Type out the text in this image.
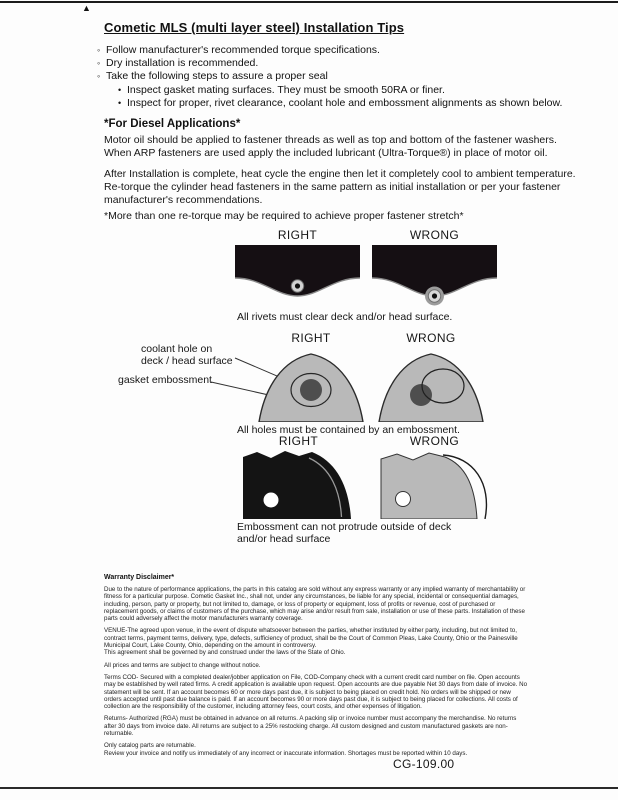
▲
Cometic MLS (multi layer steel) Installation Tips
◦ Follow manufacturer's recommended torque specifications.
◦ Dry installation is recommended.
◦ Take the following steps to assure a proper seal
• Inspect gasket mating surfaces. They must be smooth 50RA or finer.
• Inspect for proper, rivet clearance, coolant hole and embossment alignments as shown below.
*For Diesel Applications*
Motor oil should be applied to fastener threads as well as top and bottom of the fastener washers. When ARP fasteners are used apply the included lubricant (Ultra-Torque®) in place of motor oil.
After Installation is complete, heat cycle the engine then let it completely cool to ambient temperature. Re-torque the cylinder head fasteners in the same pattern as initial installation or per your fastener manufacturer's recommendations.
*More than one re-torque may be required to achieve proper fastener stretch*
RIGHT	WRONG
All rivets must clear deck and/or head surface.
RIGHT	WRONG
coolant hole on
deck / head surface
gasket embossment
All holes must be contained by an embossment.
RIGHT	WRONG
Embossment can not protrude outside of deck
and/or head surface
Warranty Disclaimer*
Due to the nature of performance applications, the parts in this catalog are sold without any express warranty or any implied warranty of merchantability or fitness for a particular purpose. Cometic Gasket Inc., shall not, under any circumstances, be liable for any special, incidental or consequential damages, including, person, party or property, but not limited to, damage, or loss of property or equipment, loss of profits or revenue, cost of purchased or replacement goods, or claims of customers of the purchase, which may arise and/or result from sale, installation or use of these parts. Installation of these parts could adversely affect the motor manufacturers warranty coverage.
VENUE-The agreed upon venue, in the event of dispute whatsoever between the parties, whether instituted by either party, including, but not limited to, contract terms, payment terms, delivery, type, defects, sufficiency of product, shall be the Court of Common Pleas, Lake County, Ohio or the Painesville Municipal Court, Lake County, Ohio, depending on the amount in controversy.
This agreement shall be governed by and construed under the laws of the State of Ohio.
All prices and terms are subject to change without notice.
Terms COD- Secured with a completed dealer/jobber application on File, COD-Company check with a current credit card number on file. Open accounts may be established by well rated firms. A credit application is available upon request. Open accounts are due payable Net 30 days from date of invoice. No statement will be sent. If an account becomes 60 or more days past due, it is subject to being placed on credit hold. No orders will be shipped or new orders accepted until past due balance is paid. If an account becomes 90 or more days past due, it is subject to being placed for collections. All costs of collection are the responsibility of the customer, including attorney fees, court costs, and other expenses of litigation.
Returns- Authorized (RGA) must be obtained in advance on all returns. A packing slip or invoice number must accompany the merchandise. No returns after 30 days from invoice date. All returns are subject to a 25% restocking charge. All custom designed and custom manufactured gaskets are non-returnable.
Only catalog parts are returnable.
Review your invoice and notify us immediately of any incorrect or inaccurate information. Shortages must be reported within 10 days.
CG-109.00
